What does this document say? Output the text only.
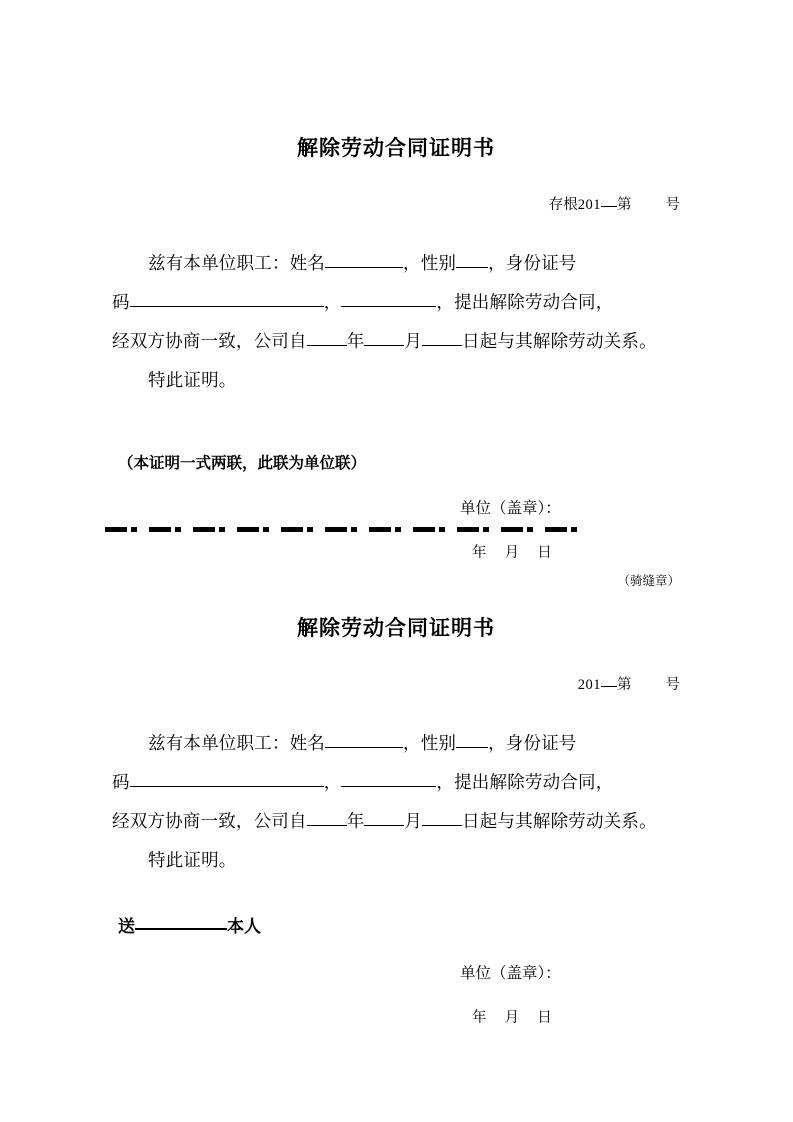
解除劳动合同证明书

存根201 第 号

兹有本单位职工：姓名	，性别 ，身份证号
码	，	，提出解除劳动合同，
经双方协商一致，公司自 年 月 日起与其解除劳动关系。
特此证明。
（本证明一式两联，此联为单位联）
单位（盖章）：
年     月     日
（骑缝章）
解除劳动合同证明书

201 第 号

兹有本单位职工：姓名	，性别 ，身份证号
码	，	，提出解除劳动合同，
经双方协商一致，公司自 年 月 日起与其解除劳动关系。
特此证明。
送	本人
单位（盖章）：
年     月     日
